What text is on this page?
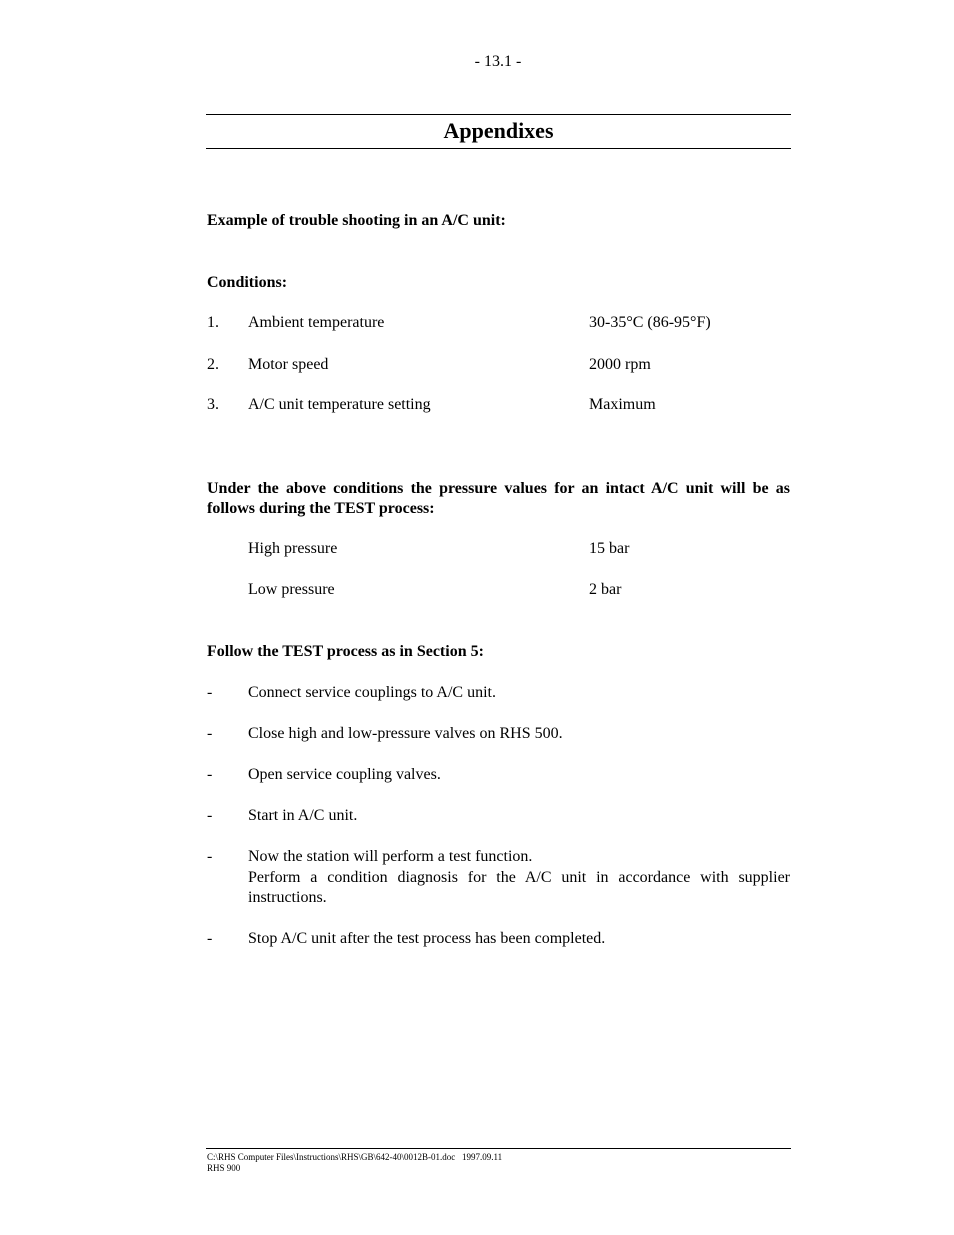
- 13.1 -
Appendixes
Example of trouble shooting in an A/C unit:
Conditions:
1. Ambient temperature	30-35°C (86-95°F)
2. Motor speed	2000 rpm
3. A/C unit temperature setting	Maximum
Under the above conditions the pressure values for an intact A/C unit will be as follows during the TEST process:
High pressure	15 bar
Low pressure	2 bar
Follow the TEST process as in Section 5:
- Connect service couplings to A/C unit.
- Close high and low-pressure valves on RHS 500.
- Open service coupling valves.
- Start in A/C unit.
- Now the station will perform a test function.
Perform a condition diagnosis for the A/C unit in accordance with supplier instructions.
- Stop A/C unit after the test process has been completed.
C:\RHS Computer Files\Instructions\RHS\GB\642-40\0012B-01.doc 1997.09.11
RHS 900
